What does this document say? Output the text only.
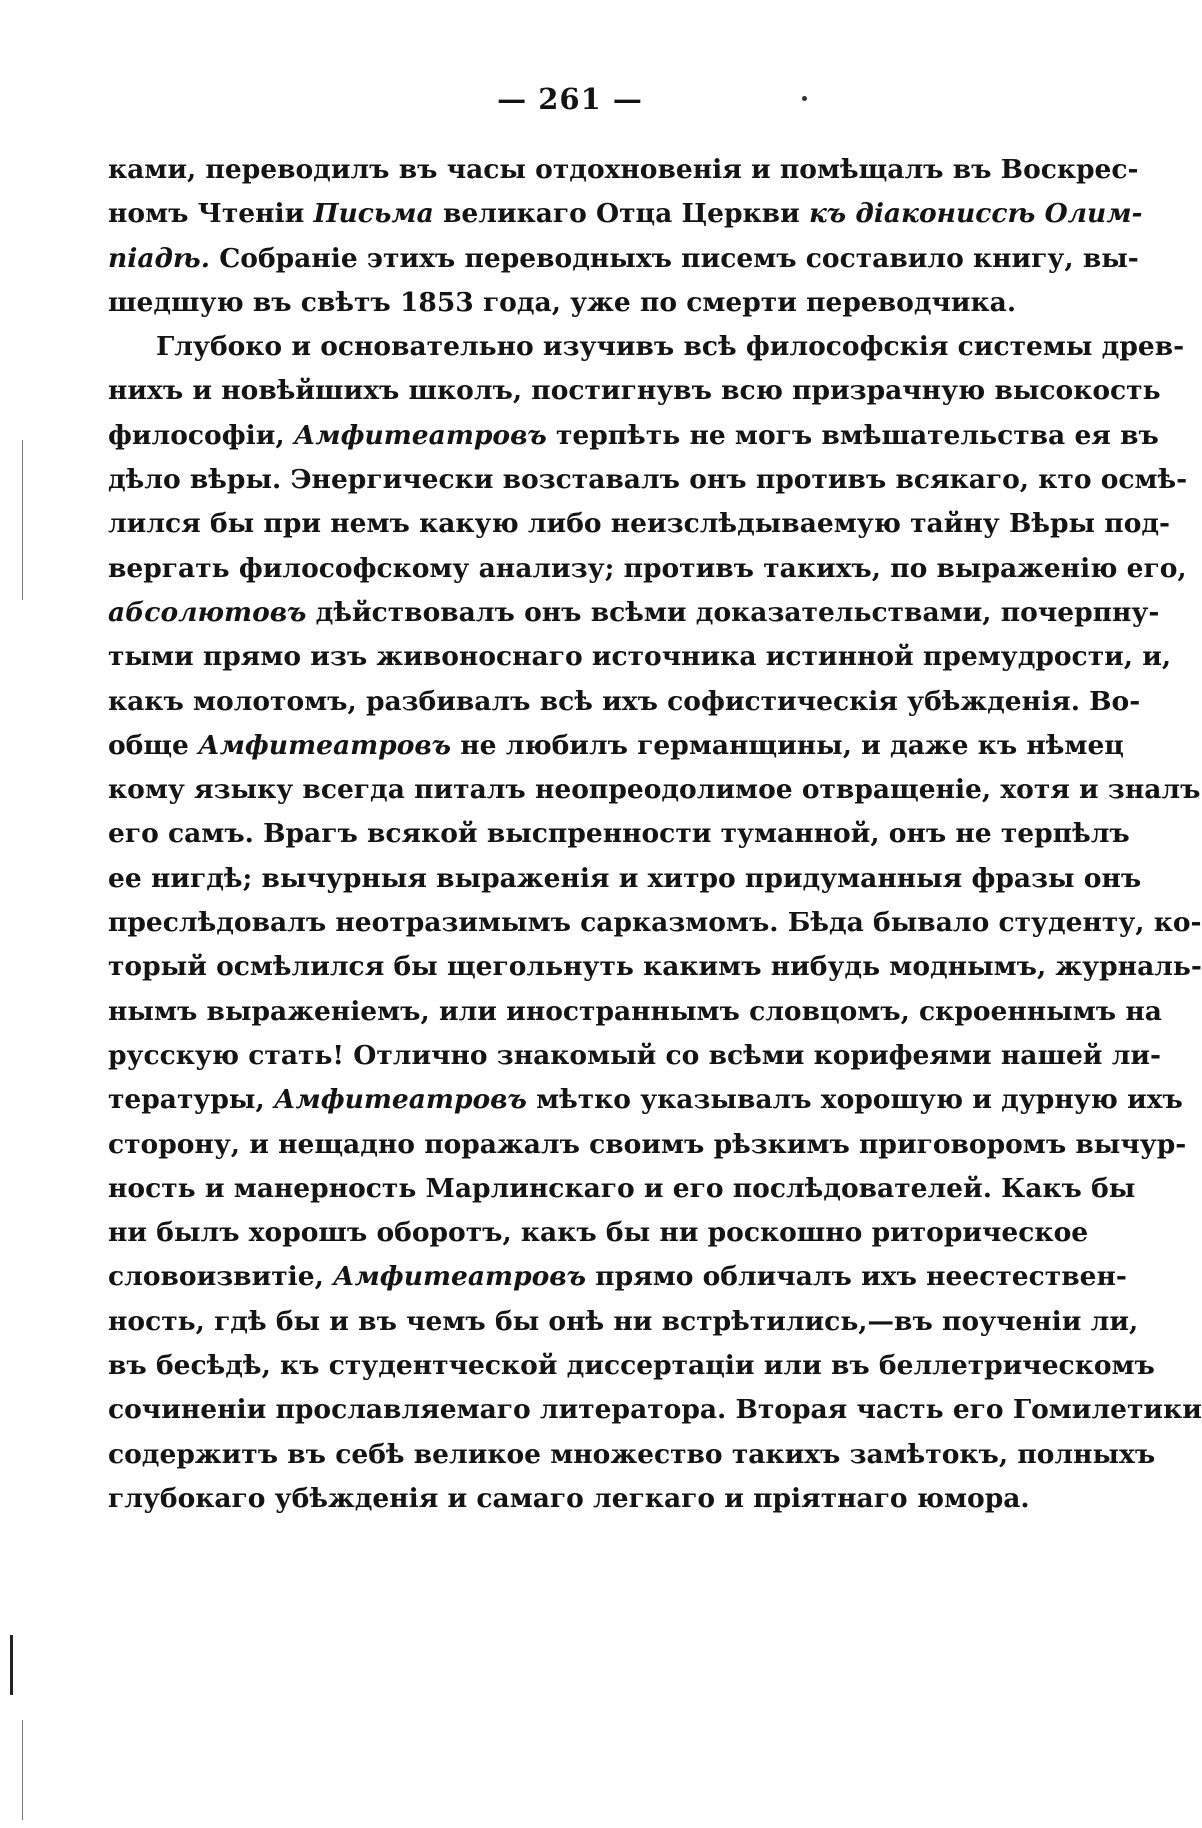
— 261 —
ками, переводилъ въ часы отдохновенія и помѣщалъ въ Воскрес-
номъ Чтеніи Письма великаго Отца Церкви къ діакониссѣ Олим-
піадѣ. Собраніе этихъ переводныхъ писемъ составило книгу, вы-
шедшую въ свѣтъ 1853 года, уже по смерти переводчика.
Глубоко и основательно изучивъ всѣ философскія системы древ-
нихъ и новѣйшихъ школъ, постигнувъ всю призрачную высокость
философіи, Амфитеатровъ терпѣть не могъ вмѣшательства ея въ
дѣло вѣры. Энергически возставалъ онъ противъ всякаго, кто осмѣ-
лился бы при немъ какую либо неизслѣдываемую тайну Вѣры под-
вергать философскому анализу; противъ такихъ, по выраженію его,
абсолютовъ дѣйствовалъ онъ всѣми доказательствами, почерпну-
тыми прямо изъ живоноснаго источника истинной премудрости, и,
какъ молотомъ, разбивалъ всѣ ихъ софистическія убѣжденія. Во-
обще Амфитеатровъ не любилъ германщины, и даже къ нѣмец
кому языку всегда питалъ неопреодолимое отвращеніе, хотя и зналъ
его самъ. Врагъ всякой выспренности туманной, онъ не терпѣлъ
ее нигдѣ; вычурныя выраженія и хитро придуманныя фразы онъ
преслѣдовалъ неотразимымъ сарказмомъ. Бѣда бывало студенту, ко-
торый осмѣлился бы щегольнуть какимъ нибудь моднымъ, журналь-
нымъ выраженіемъ, или иностраннымъ словцомъ, скроеннымъ на
русскую стать! Отлично знакомый со всѣми корифеями нашей ли-
тературы, Амфитеатровъ мѣтко указывалъ хорошую и дурную ихъ
сторону, и нещадно поражалъ своимъ рѣзкимъ приговоромъ вычур-
ность и манерность Марлинскаго и его послѣдователей. Какъ бы
ни былъ хорошъ оборотъ, какъ бы ни роскошно риторическое
словоизвитіе, Амфитеатровъ прямо обличалъ ихъ неестествен-
ность, гдѣ бы и въ чемъ бы онѣ ни встрѣтились,—въ поученіи ли,
въ бесѣдѣ, къ студентческой диссертаціи или въ беллетрическомъ
сочиненіи прославляемаго литератора. Вторая часть его Гомилетики
содержитъ въ себѣ великое множество такихъ замѣтокъ, полныхъ
глубокаго убѣжденія и самаго легкаго и пріятнаго юмора.
